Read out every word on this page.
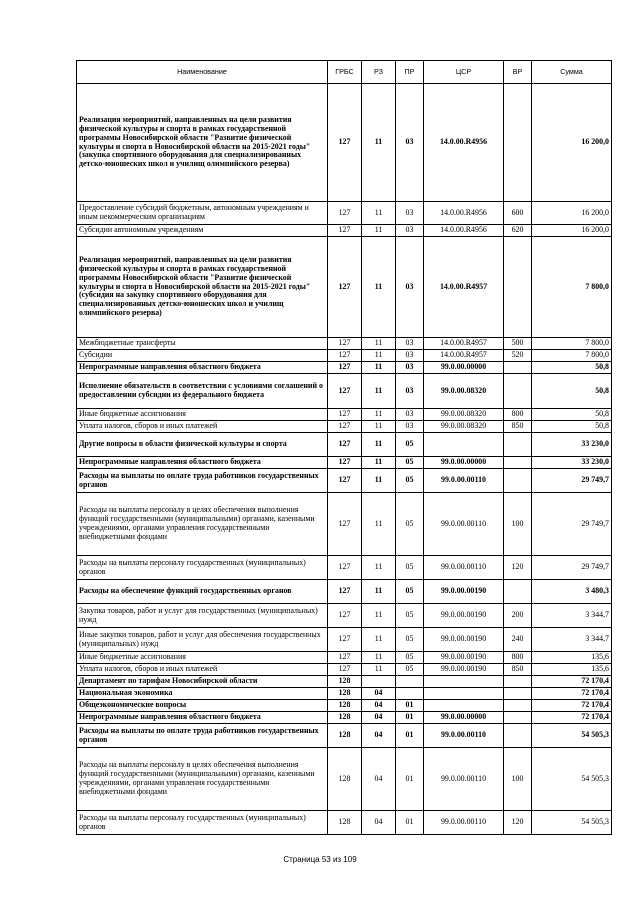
Наименование	ГРБС	РЗ	ПР	ЦСР	ВР	Сумма
Реализация мероприятий, направленных на цели развития физической культуры и спорта в рамках государственной программы Новосибирской области "Развитие физической культуры и спорта в Новосибирской области на 2015-2021 годы" (закупка спортивного оборудования для специализированных детско-юношеских школ и училищ олимпийского резерва)	127	11	03	14.0.00.R4956		16 200,0
Предоставление субсидий бюджетным, автономным учреждениям и иным некоммерческим организациям	127	11	03	14.0.00.R4956	600	16 200,0
Субсидии автономным учреждениям	127	11	03	14.0.00.R4956	620	16 200,0
Реализация мероприятий, направленных на цели развития физической культуры и спорта в рамках государственной программы Новосибирской области "Развитие физической культуры и спорта в Новосибирской области на 2015-2021 годы" (субсидия на закупку спортивного оборудования для специализированных детско-юношеских школ и училищ олимпийского резерва)	127	11	03	14.0.00.R4957		7 800,0
Межбюджетные трансферты	127	11	03	14.0.00.R4957	500	7 800,0
Субсидии	127	11	03	14.0.00.R4957	520	7 800,0
Непрограммные направления областного бюджета	127	11	03	99.0.00.00000		50,8
Исполнение обязательств в соответствии с условиями соглашений о предоставлении субсидии из федерального бюджета	127	11	03	99.0.00.08320		50,8
Иные бюджетные ассигнования	127	11	03	99.0.00.08320	800	50,8
Уплата налогов, сборов и иных платежей	127	11	03	99.0.00.08320	850	50,8
Другие вопросы в области физической культуры и спорта	127	11	05			33 230,0
Непрограммные направления областного бюджета	127	11	05	99.0.00.00000		33 230,0
Расходы на выплаты по оплате труда работников государственных органов	127	11	05	99.0.00.00110		29 749,7
Расходы на выплаты персоналу в целях обеспечения выполнения функций государственными (муниципальными) органами, казенными учреждениями, органами управления государственными внебюджетными фондами	127	11	05	99.0.00.00110	100	29 749,7
Расходы на выплаты персоналу государственных (муниципальных) органов	127	11	05	99.0.00.00110	120	29 749,7
Расходы на обеспечение функций государственных органов	127	11	05	99.0.00.00190		3 480,3
Закупка товаров, работ и услуг для государственных (муниципальных) нужд	127	11	05	99.0.00.00190	200	3 344,7
Иные закупки товаров, работ и услуг для обеспечения государственных (муниципальных) нужд	127	11	05	99.0.00.00190	240	3 344,7
Иные бюджетные ассигнования	127	11	05	99.0.00.00190	800	135,6
Уплата налогов, сборов и иных платежей	127	11	05	99.0.00.00190	850	135,6
Департамент по тарифам Новосибирской области	128					72 170,4
Национальная экономика	128	04				72 170,4
Общеэкономические вопросы	128	04	01			72 170,4
Непрограммные направления областного бюджета	128	04	01	99.0.00.00000		72 170,4
Расходы на выплаты по оплате труда работников государственных органов	128	04	01	99.0.00.00110		54 505,3
Расходы на выплаты персоналу в целях обеспечения выполнения функций государственными (муниципальными) органами, казенными учреждениями, органами управления государственными внебюджетными фондами	128	04	01	99.0.00.00110	100	54 505,3
Расходы на выплаты персоналу государственных (муниципальных) органов	128	04	01	99.0.00.00110	120	54 505,3
Страница 53 из 109
